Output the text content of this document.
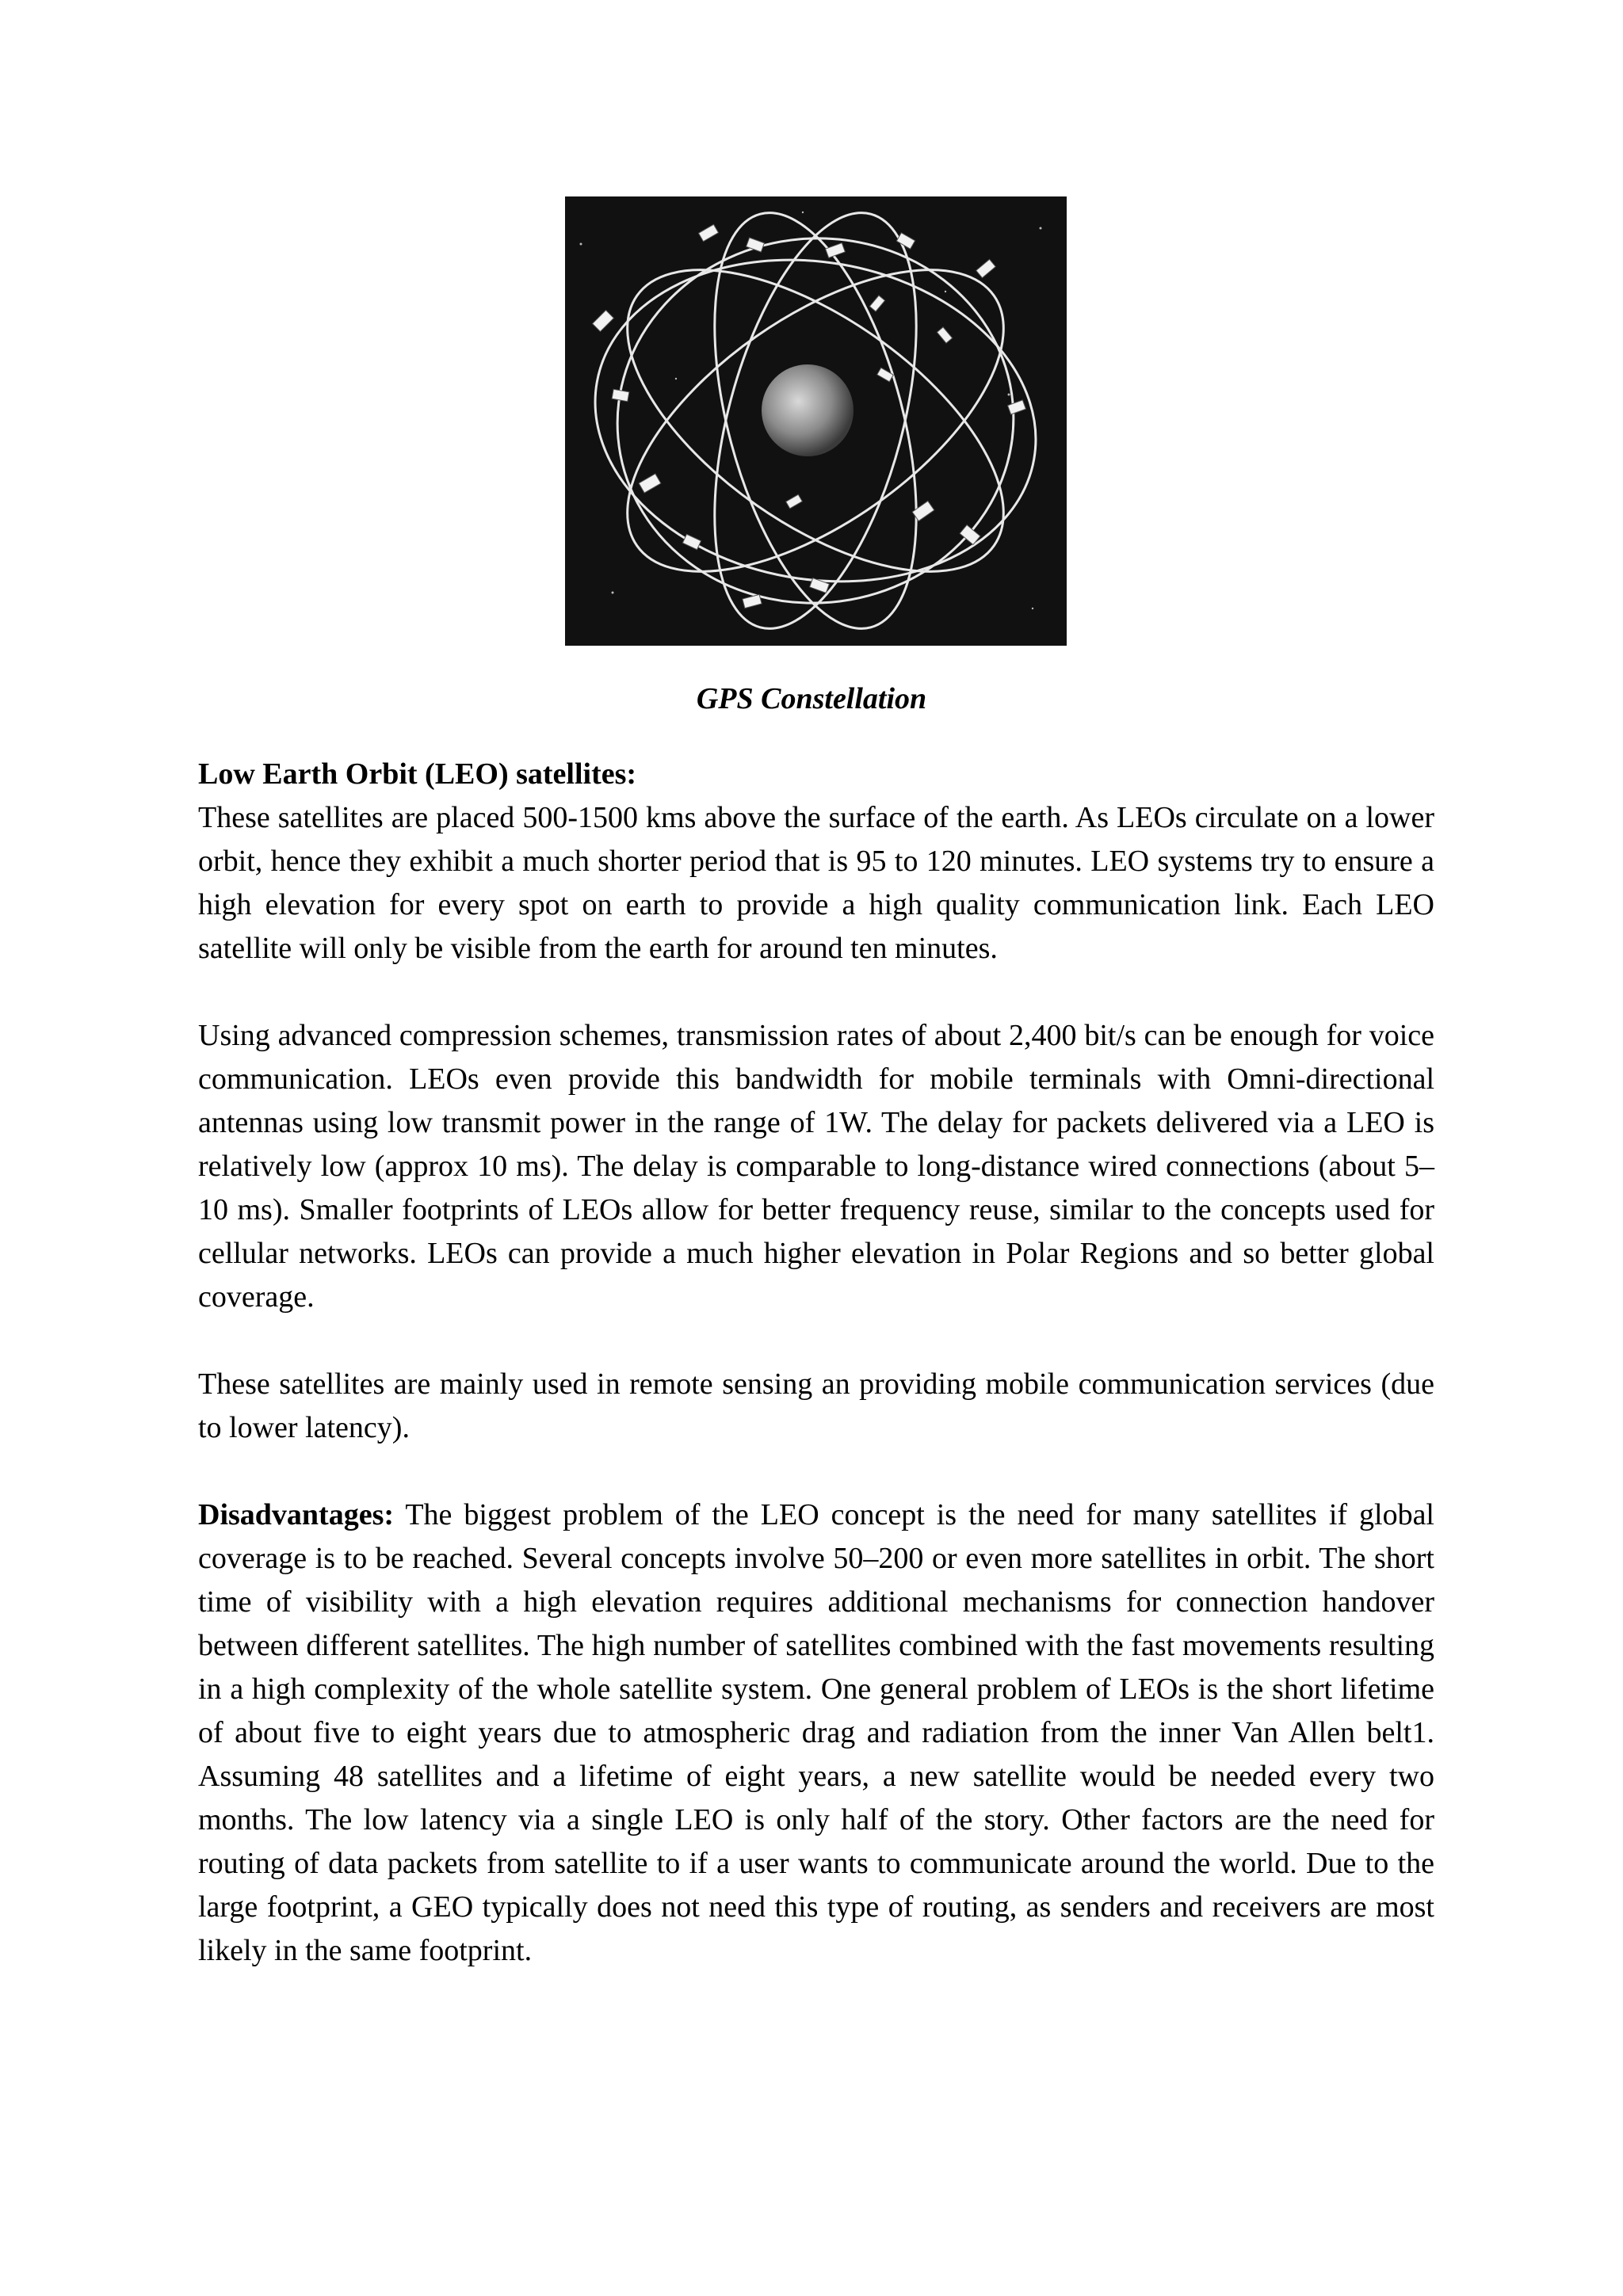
GPS Constellation

Low Earth Orbit (LEO) satellites:

These satellites are placed 500-1500 kms above the surface of the earth. As LEOs circulate on a lower orbit, hence they exhibit a much shorter period that is 95 to 120 minutes. LEO systems try to ensure a high elevation for every spot on earth to provide a high quality communication link. Each LEO satellite will only be visible from the earth for around ten minutes.

Using advanced compression schemes, transmission rates of about 2,400 bit/s can be enough for voice communication. LEOs even provide this bandwidth for mobile terminals with Omni-directional antennas using low transmit power in the range of 1W. The delay for packets delivered via a LEO is relatively low (approx 10 ms). The delay is comparable to long-distance wired connections (about 5–10 ms). Smaller footprints of LEOs allow for better frequency reuse, similar to the concepts used for cellular networks. LEOs can provide a much higher elevation in Polar Regions and so better global coverage.

These satellites are mainly used in remote sensing an providing mobile communication services (due to lower latency).

Disadvantages: The biggest problem of the LEO concept is the need for many satellites if global coverage is to be reached. Several concepts involve 50–200 or even more satellites in orbit. The short time of visibility with a high elevation requires additional mechanisms for connection handover between different satellites. The high number of satellites combined with the fast movements resulting in a high complexity of the whole satellite system. One general problem of LEOs is the short lifetime of about five to eight years due to atmospheric drag and radiation from the inner Van Allen belt1. Assuming 48 satellites and a lifetime of eight years, a new satellite would be needed every two months. The low latency via a single LEO is only half of the story. Other factors are the need for routing of data packets from satellite to if a user wants to communicate around the world. Due to the large footprint, a GEO typically does not need this type of routing, as senders and receivers are most likely in the same footprint.
